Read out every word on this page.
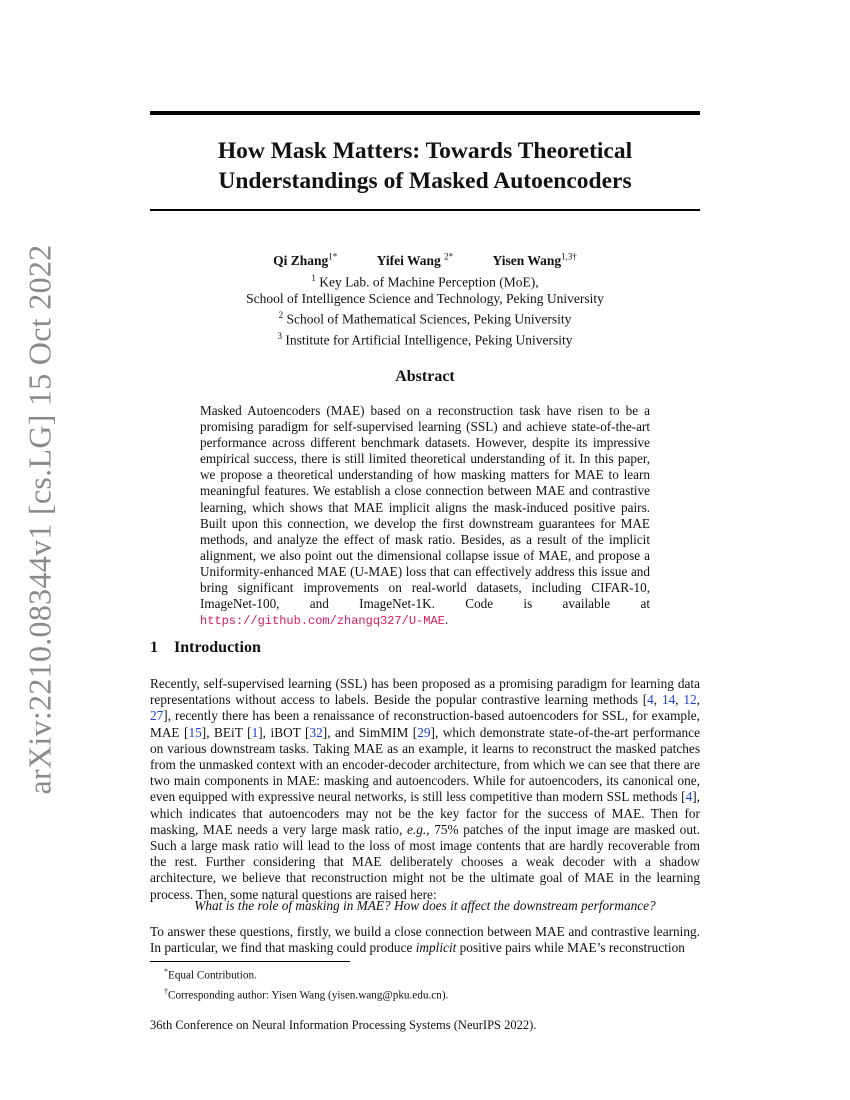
arXiv:2210.08344v1 [cs.LG] 15 Oct 2022
How Mask Matters: Towards Theoretical
Understandings of Masked Autoencoders
Qi Zhang$^{1*}$	Yifei Wang $^{2*}$	Yisen Wang$^{1,3\dagger}$
$^1$ Key Lab. of Machine Perception (MoE),
School of Intelligence Science and Technology, Peking University
$^2$ School of Mathematical Sciences, Peking University
$^3$ Institute for Artificial Intelligence, Peking University
Abstract
Masked Autoencoders (MAE) based on a reconstruction task have risen to be a promising paradigm for self-supervised learning (SSL) and achieve state-of-the-art performance across different benchmark datasets. However, despite its impressive empirical success, there is still limited theoretical understanding of it. In this paper, we propose a theoretical understanding of how masking matters for MAE to learn meaningful features. We establish a close connection between MAE and contrastive learning, which shows that MAE implicit aligns the mask-induced positive pairs. Built upon this connection, we develop the first downstream guarantees for MAE methods, and analyze the effect of mask ratio. Besides, as a result of the implicit alignment, we also point out the dimensional collapse issue of MAE, and propose a Uniformity-enhanced MAE (U-MAE) loss that can effectively address this issue and bring significant improvements on real-world datasets, including CIFAR-10, ImageNet-100, and ImageNet-1K. Code is available at https://github.com/zhangq327/U-MAE.
1 Introduction
Recently, self-supervised learning (SSL) has been proposed as a promising paradigm for learning data representations without access to labels. Beside the popular contrastive learning methods [4, 14, 12, 27], recently there has been a renaissance of reconstruction-based autoencoders for SSL, for example, MAE [15], BEiT [1], iBOT [32], and SimMIM [29], which demonstrate state-of-the-art performance on various downstream tasks. Taking MAE as an example, it learns to reconstruct the masked patches from the unmasked context with an encoder-decoder architecture, from which we can see that there are two main components in MAE: masking and autoencoders. While for autoencoders, its canonical one, even equipped with expressive neural networks, is still less competitive than modern SSL methods [4], which indicates that autoencoders may not be the key factor for the success of MAE. Then for masking, MAE needs a very large mask ratio, e.g., 75% patches of the input image are masked out. Such a large mask ratio will lead to the loss of most image contents that are hardly recoverable from the rest. Further considering that MAE deliberately chooses a weak decoder with a shadow architecture, we believe that reconstruction might not be the ultimate goal of MAE in the learning process. Then, some natural questions are raised here:
What is the role of masking in MAE? How does it affect the downstream performance?
To answer these questions, firstly, we build a close connection between MAE and contrastive learning. In particular, we find that masking could produce implicit positive pairs while MAE’s reconstruction
*Equal Contribution.
†Corresponding author: Yisen Wang (yisen.wang@pku.edu.cn).
36th Conference on Neural Information Processing Systems (NeurIPS 2022).
